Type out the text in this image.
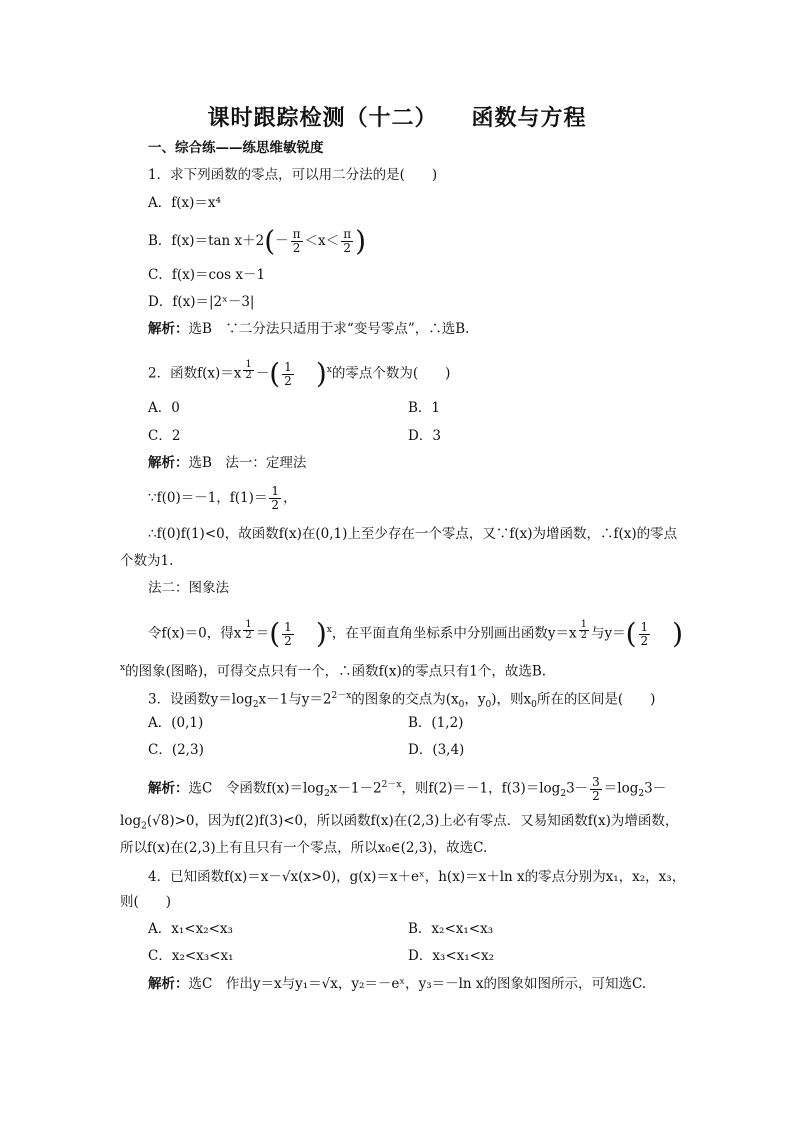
课时跟踪检测（十二） 函数与方程
一、综合练——练思维敏锐度
1．求下列函数的零点，可以用二分法的是(　　)
A．f(x)＝x⁴
B．f(x)＝tan $x+2(- \frac{\pi}{2} <x< \frac{\pi}{2}$ )
C．f(x)＝cos x－1
D．f(x)＝|2ˣ－3|
解析：选B　∵二分法只适用于求“变号零点”，∴选B.
2．函数$f(x)=x \frac{1}{2}$ －( $\frac{1}{2} )^x$的零点个数为(　　)
A．0	B．1
C．2	D．3
解析：选B　法一：定理法
∵f(0)＝－1，$f(1)= \frac{1}{2}$ ，
∴f(0)f(1)<0，故函数f(x)在(0,1)上至少存在一个零点，又∵f(x)为增函数，∴f(x)的零点
个数为1.
法二：图象法
令f(x)＝0，得x $\frac{1}{2}$ ＝( $\frac{1}{2} )^x$，在平面直角坐标系中分别画出函数$y=x \frac{1}{2}$ 与$y=( \frac{1}{2}$ )
$^x$的图象(图略)，可得交点只有一个，∴函数f(x)的零点只有1个，故选B.
3．设函数$y=\log_2x-1$与$y=2^{2-x}$的图象的交点为($x_0$，$y_0$)，则$x_0$所在的区间是(　　)
A．(0,1)	B．(1,2)
C．(2,3)	D．(3,4)
解析：选C　令函数$f(x)=\log_2x-1-2^{2-x}$，则f(2)＝－1，$f(3)=\log_23- \frac{3}{2} =\log_23-$
$\log_2(√8)>0$，因为f(2)f(3)<0，所以函数f(x)在(2,3)上必有零点．又易知函数f(x)为增函数，
所以f(x)在(2,3)上有且只有一个零点，所以x₀∈(2,3)，故选C.
4．已知函数f(x)＝x－√x(x>0)，g(x)＝x＋eˣ，h(x)＝x＋ln x的零点分别为x₁，x₂，x₃，
则(　　)
A．x₁<x₂<x₃	B．x₂<x₁<x₃
C．x₂<x₃<x₁	D．x₃<x₁<x₂
解析：选C　作出y＝x与y₁＝√x，y₂＝－eˣ，y₃＝－ln x的图象如图所示，可知选C.
